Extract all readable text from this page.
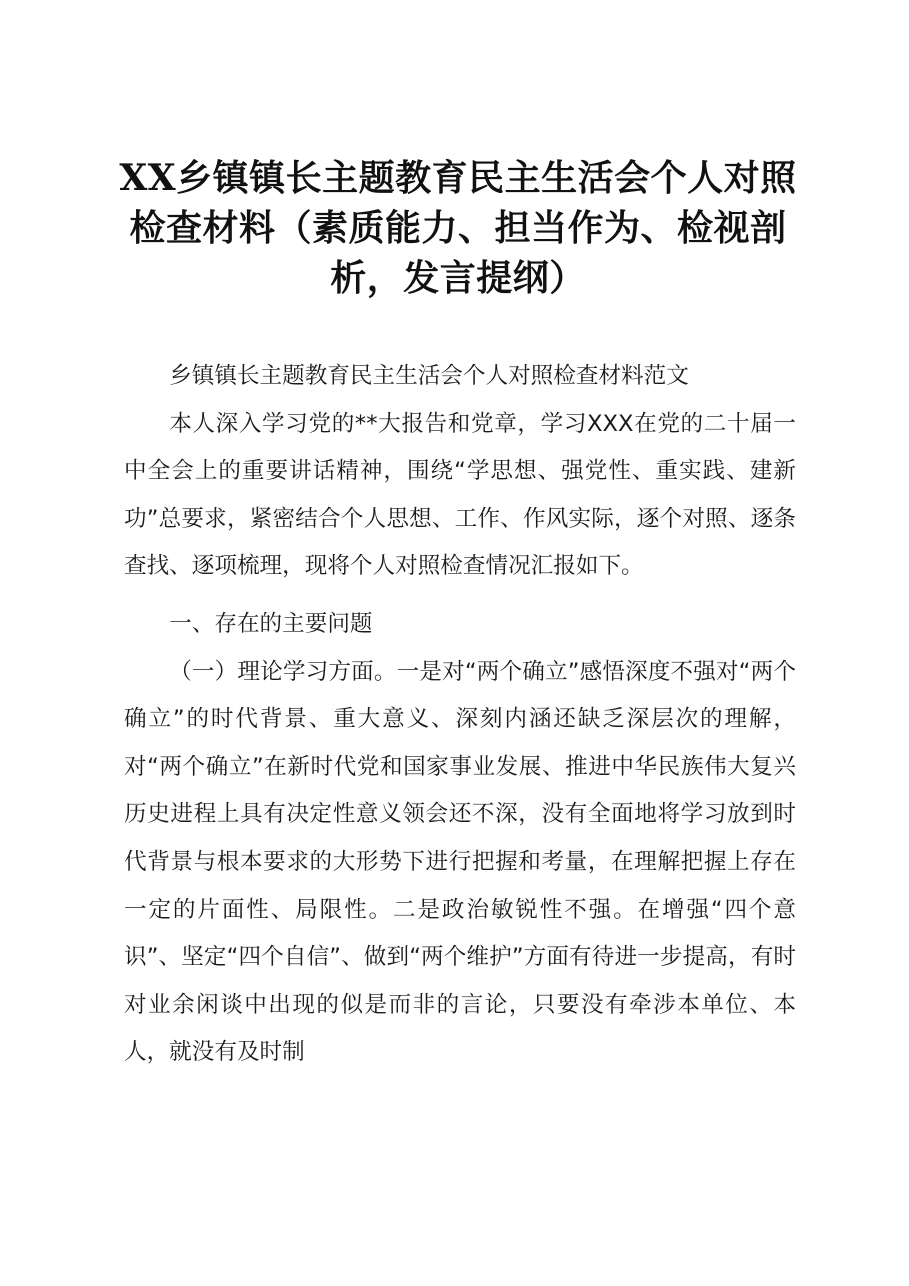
XX乡镇镇长主题教育民主生活会个人对照检查材料（素质能力、担当作为、检视剖析，发言提纲）

乡镇镇长主题教育民主生活会个人对照检查材料范文

本人深入学习党的**大报告和党章，学习XXX在党的二十届一中全会上的重要讲话精神，围绕“学思想、强党性、重实践、建新功”总要求，紧密结合个人思想、工作、作风实际，逐个对照、逐条查找、逐项梳理，现将个人对照检查情况汇报如下。

一、存在的主要问题

（一）理论学习方面。一是对“两个确立”感悟深度不强对“两个确立”的时代背景、重大意义、深刻内涵还缺乏深层次的理解，对“两个确立”在新时代党和国家事业发展、推进中华民族伟大复兴历史进程上具有决定性意义领会还不深，没有全面地将学习放到时代背景与根本要求的大形势下进行把握和考量，在理解把握上存在一定的片面性、局限性。二是政治敏锐性不强。在增强“四个意识”、坚定“四个自信”、做到“两个维护”方面有待进一步提高，有时对业余闲谈中出现的似是而非的言论，只要没有牵涉本单位、本人，就没有及时制
